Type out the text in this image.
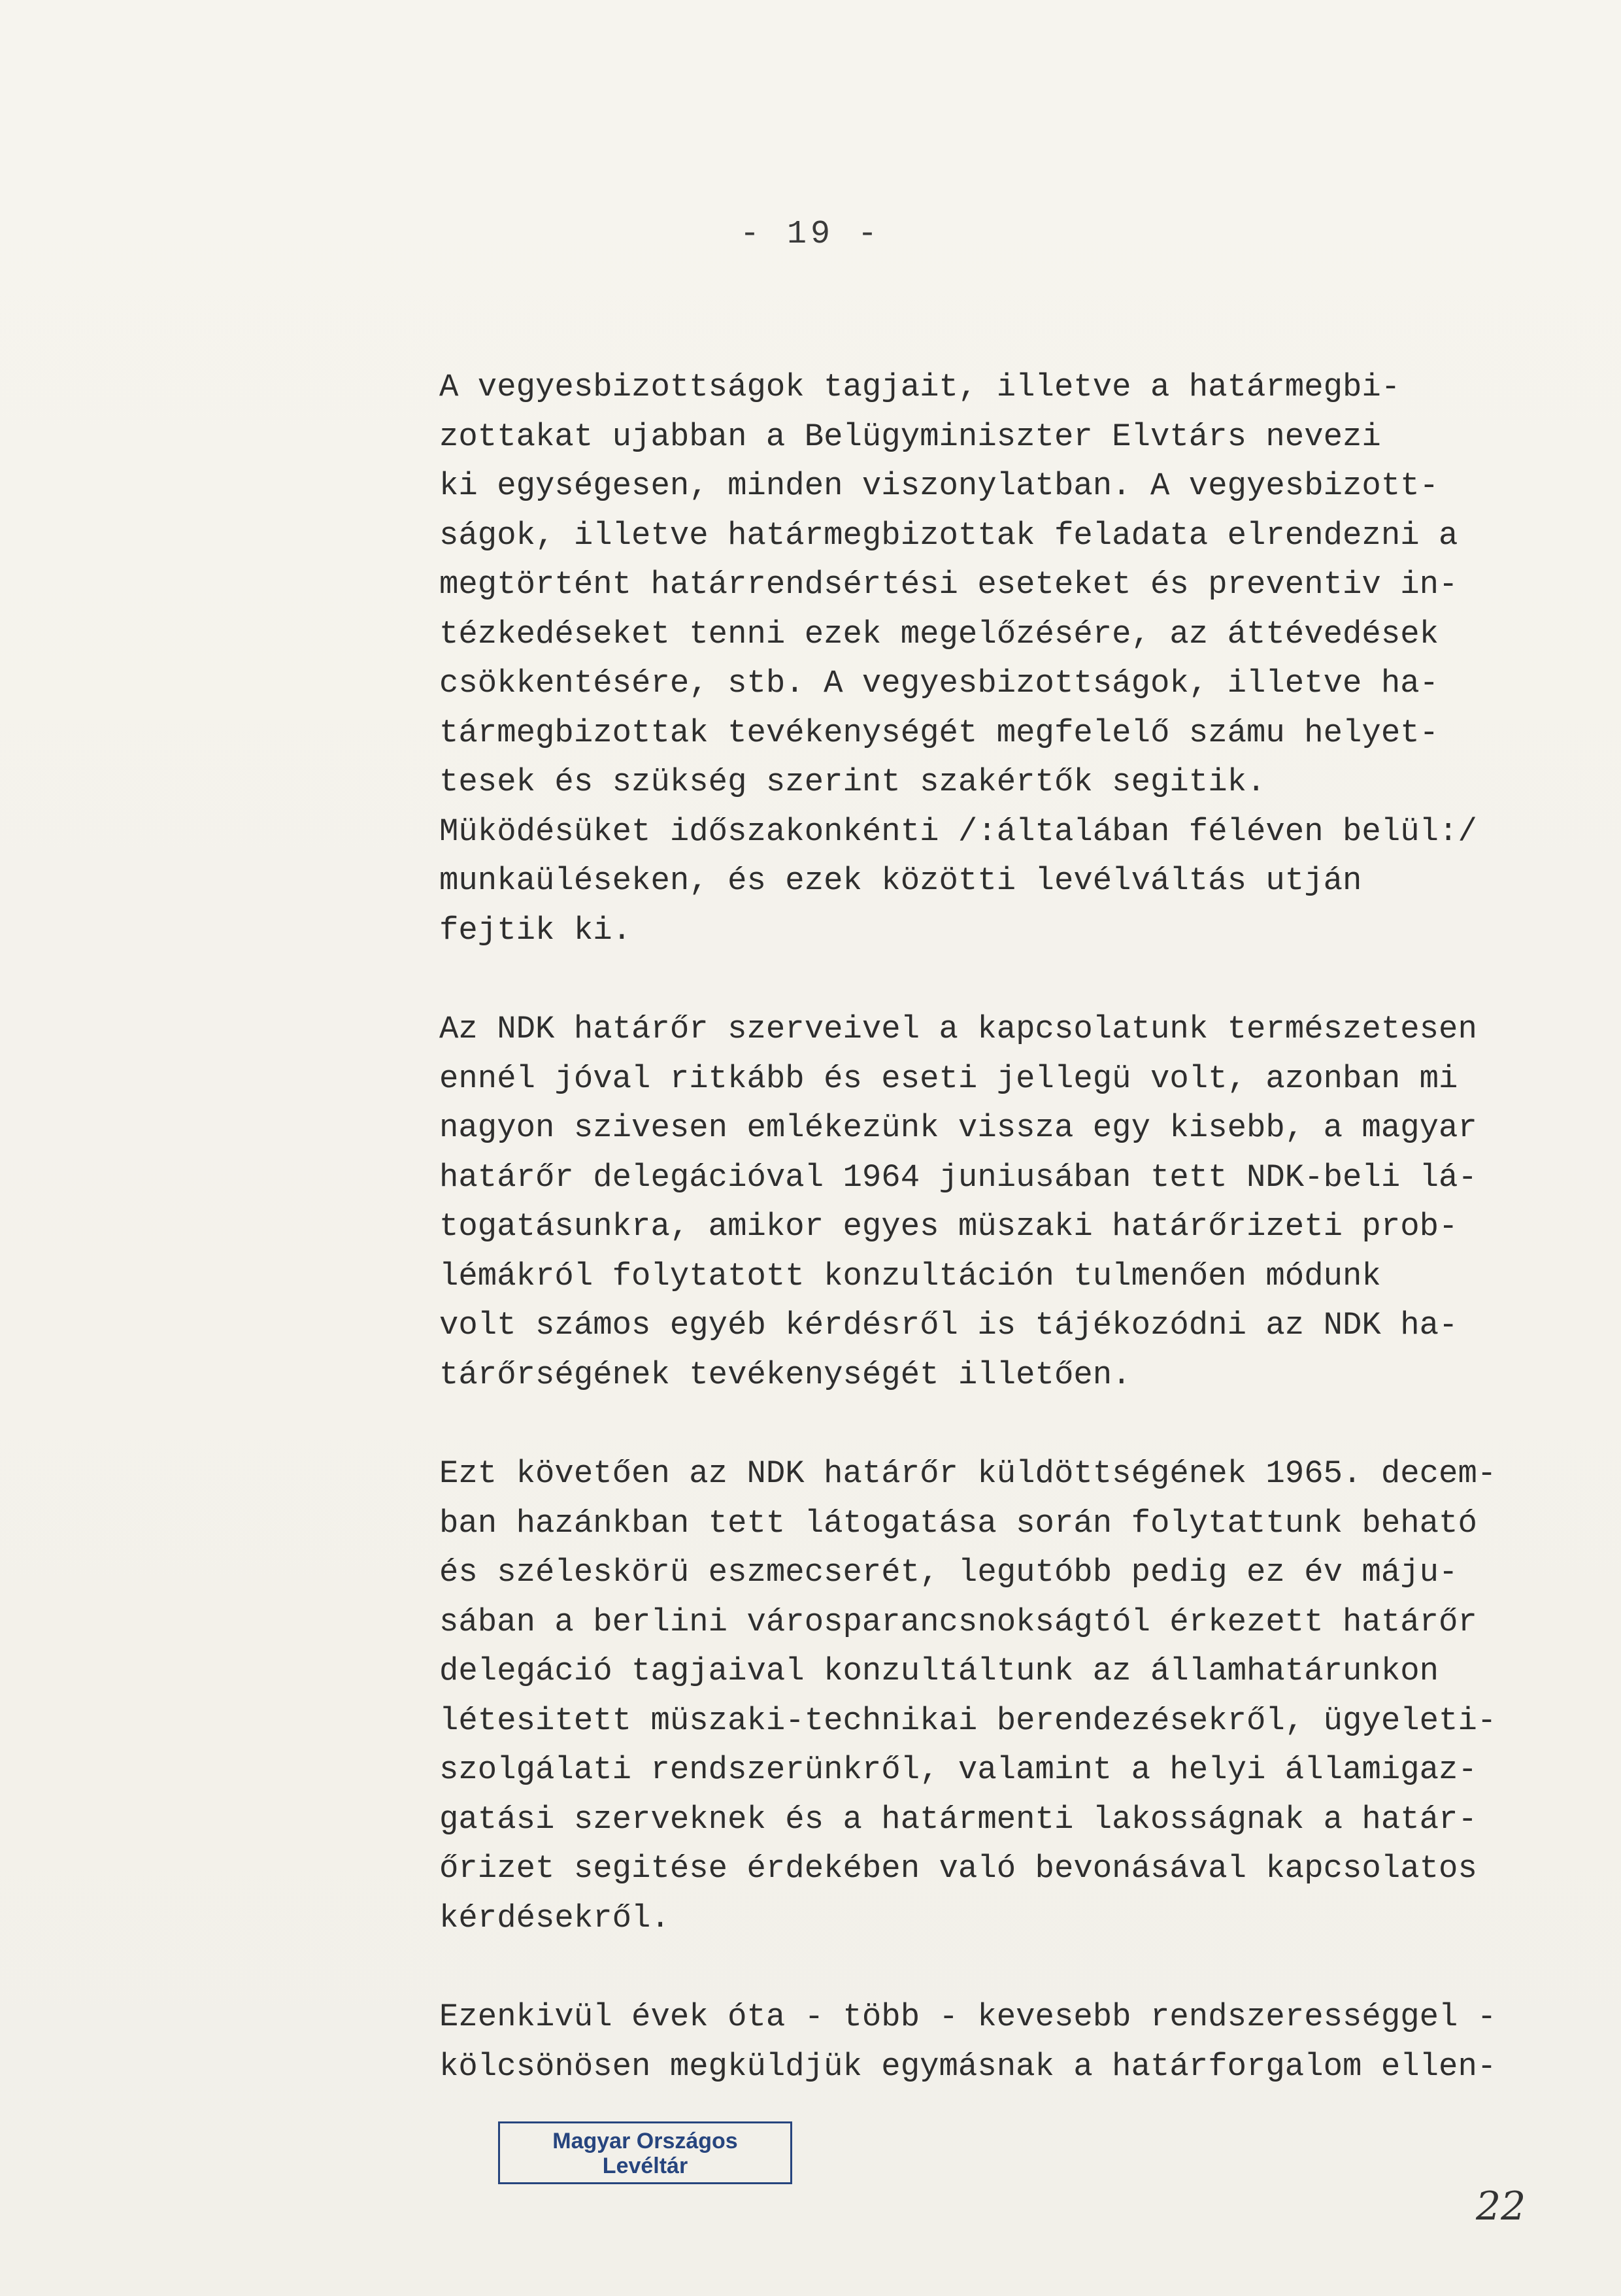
- 19 -
A vegyesbizottságok tagjait, illetve a határmegbi-
zottakat ujabban a Belügyminiszter Elvtárs nevezi
ki egységesen, minden viszonylatban. A vegyesbizott-
ságok, illetve határmegbizottak feladata elrendezni a
megtörtént határrendsértési eseteket és preventiv in-
tézkedéseket tenni ezek megelőzésére, az áttévedések
csökkentésére, stb. A vegyesbizottságok, illetve ha-
tármegbizottak tevékenységét megfelelő számu helyet-
tesek és szükség szerint szakértők segitik.
Müködésüket időszakonkénti /:általában féléven belül:/
munkaüléseken, és ezek közötti levélváltás utján
fejtik ki.
Az NDK határőr szerveivel a kapcsolatunk természetesen
ennél jóval ritkább és eseti jellegü volt, azonban mi
nagyon szivesen emlékezünk vissza egy kisebb, a magyar
határőr delegációval 1964 juniusában tett NDK-beli lá-
togatásunkra, amikor egyes müszaki határőrizeti prob-
lémákról folytatott konzultáción tulmenően módunk
volt számos egyéb kérdésről is tájékozódni az NDK ha-
tárőrségének tevékenységét illetően.
Ezt követően az NDK határőr küldöttségének 1965. decem-
ban hazánkban tett látogatása során folytattunk beható
és széleskörü eszmecserét, legutóbb pedig ez év máju-
sában a berlini városparancsnokságtól érkezett határőr
delegáció tagjaival konzultáltunk az államhatárunkon
létesitett müszaki-technikai berendezésekről, ügyeleti-
szolgálati rendszerünkről, valamint a helyi államigaz-
gatási szerveknek és a határmenti lakosságnak a határ-
őrizet segitése érdekében való bevonásával kapcsolatos
kérdésekről.
Ezenkivül évek óta - több - kevesebb rendszerességgel -
kölcsönösen megküldjük egymásnak a határforgalom ellen-
Magyar Országos
Levéltár
22
